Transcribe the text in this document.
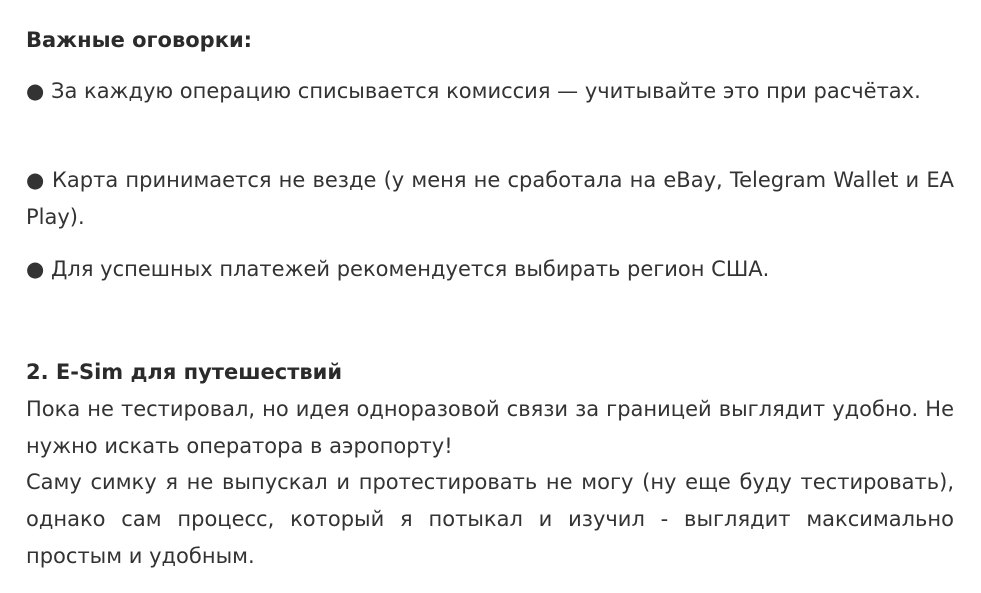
Важные оговорки:
● За каждую операцию списывается комиссия — учитывайте это при расчётах.
● Карта принимается не везде (у меня не сработала на eBay, Telegram Wallet и EA Play).
● Для успешных платежей рекомендуется выбирать регион США.
2. E-Sim для путешествий
Пока не тестировал, но идея одноразовой связи за границей выглядит удобно. Не нужно искать оператора в аэропорту!
Саму симку я не выпускал и протестировать не могу (ну еще буду тестировать), однако сам процесс, который я потыкал и изучил - выглядит максимально простым и удобным.
